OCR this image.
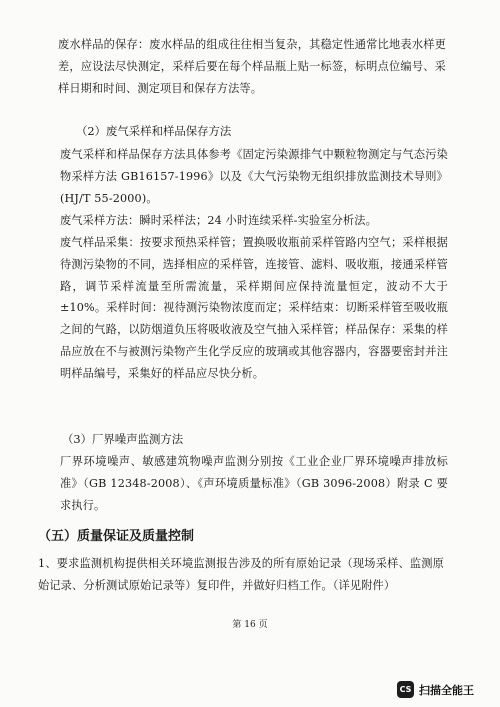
废水样品的保存：废水样品的组成往往相当复杂，其稳定性通常比地表水样更差，应设法尽快测定，采样后要在每个样品瓶上贴一标签，标明点位编号、采样日期和时间、测定项目和保存方法等。
（2）废气采样和样品保存方法
废气采样和样品保存方法具体参考《固定污染源排气中颗粒物测定与气态污染物采样方法 GB16157-1996》以及《大气污染物无组织排放监测技术导则》(HJ/T 55-2000)。
废气采样方法：瞬时采样法；24 小时连续采样-实验室分析法。
废气样品采集：按要求预热采样管；置换吸收瓶前采样管路内空气；采样根据待测污染物的不同，选择相应的采样管，连接管、滤料、吸收瓶，接通采样管路，调节采样流量至所需流量，采样期间应保持流量恒定，波动不大于±10%。采样时间：视待测污染物浓度而定；采样结束：切断采样管至吸收瓶之间的气路，以防烟道负压将吸收液及空气抽入采样管；样品保存：采集的样品应放在不与被测污染物产生化学反应的玻璃或其他容器内，容器要密封并注明样品编号，采集好的样品应尽快分析。
（3）厂界噪声监测方法
厂界环境噪声、敏感建筑物噪声监测分别按《工业企业厂界环境噪声排放标准》（GB 12348-2008）、《声环境质量标准》（GB 3096-2008）附录 C 要求执行。
（五）质量保证及质量控制
1、要求监测机构提供相关环境监测报告涉及的所有原始记录（现场采样、监测原始记录、分析测试原始记录等）复印件，并做好归档工作。（详见附件）
第 16 页
CS 扫描全能王
